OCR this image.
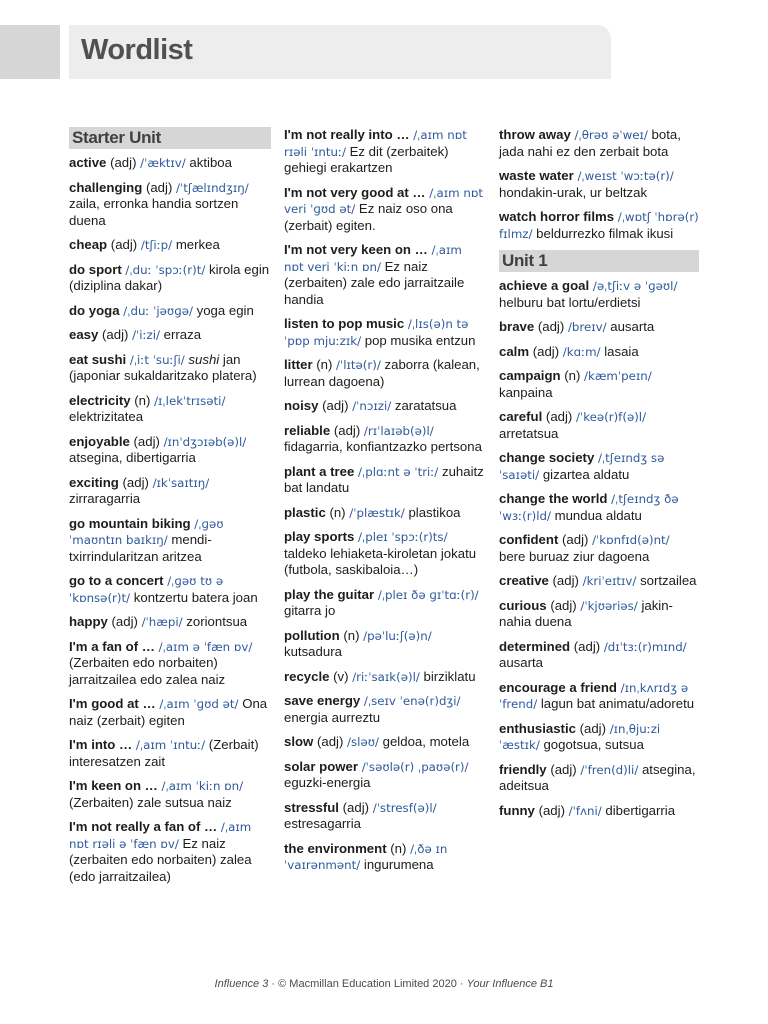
Wordlist
Starter Unit
active (adj) /ˈæktɪv/ aktiboa
challenging (adj) /ˈtʃælɪndʒɪŋ/ zaila, erronka handia sortzen duena
cheap (adj) /tʃiːp/ merkea
do sport /ˌduː ˈspɔː(r)t/ kirola egin (diziplina dakar)
do yoga /ˌduː ˈjəʊɡə/ yoga egin
easy (adj) /ˈiːzi/ erraza
eat sushi /ˌiːt ˈsuːʃi/ sushi jan (japoniar sukaldaritzako platera)
electricity (n) /ɪˌlekˈtrɪsəti/ elektrizitatea
enjoyable (adj) /ɪnˈdʒɔɪəb(ə)l/ atsegina, dibertigarria
exciting (adj) /ɪkˈsaɪtɪŋ/ zirraragarria
go mountain biking /ˌɡəʊ ˈmaʊntɪn baɪkɪŋ/ mendi-txirrindularitzan aritzea
go to a concert /ˌɡəʊ tʊ ə ˈkɒnsə(r)t/ kontzertu batera joan
happy (adj) /ˈhæpi/ zoriontsua
I'm a fan of … /ˌaɪm ə ˈfæn ɒv/ (Zerbaiten edo norbaiten) jarraitzailea edo zalea naiz
I'm good at … /ˌaɪm ˈɡʊd ət/ Ona naiz (zerbait) egiten
I'm into … /ˌaɪm ˈɪntuː/ (Zerbait) interesatzen zait
I'm keen on … /ˌaɪm ˈkiːn ɒn/ (Zerbaiten) zale sutsua naiz
I'm not really a fan of … /ˌaɪm nɒt rɪəli ə ˈfæn ɒv/ Ez naiz (zerbaiten edo norbaiten) zalea (edo jarraitzailea)
I'm not really into … /ˌaɪm nɒt rɪəli ˈɪntuː/ Ez dit (zerbaitek) gehiegi erakartzen
I'm not very good at … /ˌaɪm nɒt veri ˈɡʊd ət/ Ez naiz oso ona (zerbait) egiten.
I'm not very keen on … /ˌaɪm nɒt veri ˈkiːn ɒn/ Ez naiz (zerbaiten) zale edo jarraitzaile handia
listen to pop music /ˌlɪs(ə)n tə ˈpɒp mjuːzɪk/ pop musika entzun
litter (n) /ˈlɪtə(r)/ zaborra (kalean, lurrean dagoena)
noisy (adj) /ˈnɔɪzi/ zaratatsua
reliable (adj) /rɪˈlaɪəb(ə)l/ fidagarria, konfiantzazko pertsona
plant a tree /ˌplɑːnt ə ˈtriː/ zuhaitz bat landatu
plastic (n) /ˈplæstɪk/ plastikoa
play sports /ˌpleɪ ˈspɔː(r)ts/ taldeko lehiaketa-kiroletan jokatu (futbola, saskibaloia…)
play the guitar /ˌpleɪ ðə ɡɪˈtɑː(r)/ gitarra jo
pollution (n) /pəˈluːʃ(ə)n/ kutsadura
recycle (v) /riːˈsaɪk(ə)l/ birziklatu
save energy /ˌseɪv ˈenə(r)dʒi/ energia aurreztu
slow (adj) /sləʊ/ geldoa, motela
solar power /ˈsəʊlə(r) ˌpaʊə(r)/ eguzki-energia
stressful (adj) /ˈstresf(ə)l/ estresagarria
the environment (n) /ˌðə ɪnˈvaɪrənmənt/ ingurumena
throw away /ˌθrəʊ əˈweɪ/ bota, jada nahi ez den zerbait bota
waste water /ˌweɪst ˈwɔːtə(r)/ hondakin-urak, ur beltzak
watch horror films /ˌwɒtʃ ˈhɒrə(r) fɪlmz/ beldurrezko filmak ikusi
Unit 1
achieve a goal /əˌtʃiːv ə ˈɡəʊl/ helburu bat lortu/erdietsi
brave (adj) /breɪv/ ausarta
calm (adj) /kɑːm/ lasaia
campaign (n) /kæmˈpeɪn/ kanpaina
careful (adj) /ˈkeə(r)f(ə)l/ arretatsua
change society /ˌtʃeɪndʒ səˈsaɪəti/ gizartea aldatu
change the world /ˌtʃeɪndʒ ðə ˈwɜː(r)ld/ mundua aldatu
confident (adj) /ˈkɒnfɪd(ə)nt/ bere buruaz ziur dagoena
creative (adj) /kriˈeɪtɪv/ sortzailea
curious (adj) /ˈkjʊəriəs/ jakin-nahia duena
determined (adj) /dɪˈtɜː(r)mɪnd/ ausarta
encourage a friend /ɪnˌkʌrɪdʒ ə ˈfrend/ lagun bat animatu/adoretu
enthusiastic (adj) /ɪnˌθjuːziˈæstɪk/ gogotsua, sutsua
friendly (adj) /ˈfren(d)li/ atsegina, adeitsua
funny (adj) /ˈfʌni/ dibertigarria
Influence 3 · © Macmillan Education Limited 2020 · Your Influence B1
